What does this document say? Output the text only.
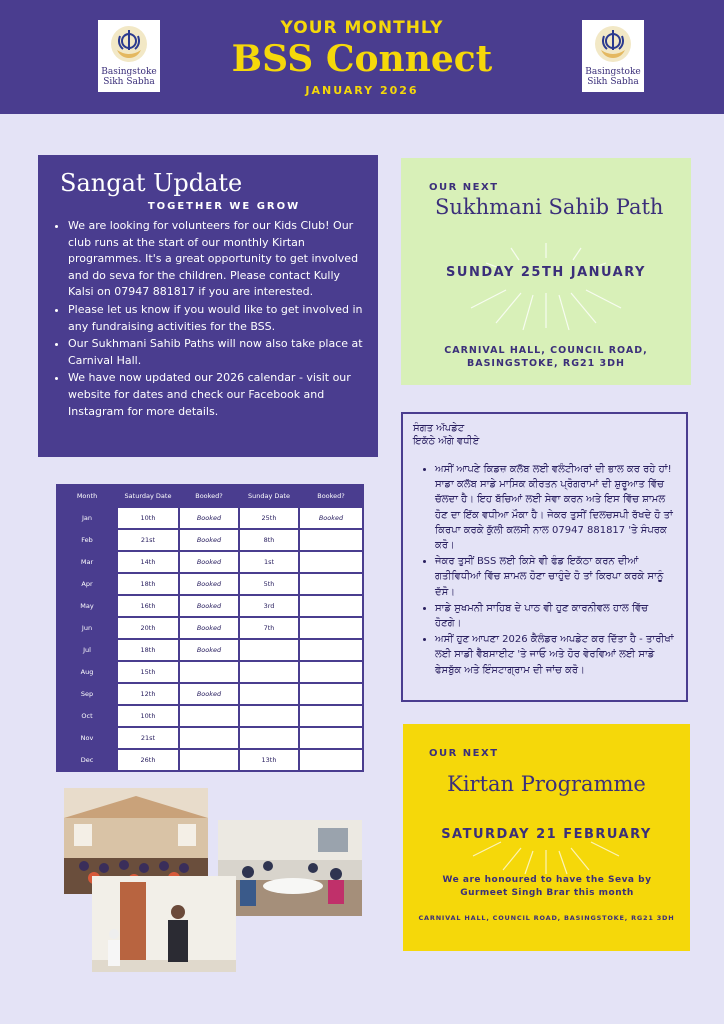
Basingstoke Sikh Sabha
YOUR MONTHLY
BSS Connect
JANUARY 2026
Basingstoke Sikh Sabha
Sangat Update
TOGETHER WE GROW
• We are looking for volunteers for our Kids Club! Our club runs at the start of our monthly Kirtan programmes. It's a great opportunity to get involved and do seva for the children. Please contact Kully Kalsi on 07947 881817 if you are interested.
• Please let us know if you would like to get involved in any fundraising activities for the BSS.
• Our Sukhmani Sahib Paths will now also take place at Carnival Hall.
• We have now updated our 2026 calendar - visit our website for dates and check our Facebook and Instagram for more details.
OUR NEXT
Sukhmani Sahib Path
SUNDAY 25TH JANUARY
CARNIVAL HALL, COUNCIL ROAD,
BASINGSTOKE, RG21 3DH
ਸੰਗਤ ਅੱਪਡੇਟ
ਇਕੱਠੇ ਅੱਗੇ ਵਧੀਏ
• ਅਸੀਂ ਆਪਣੇ ਕਿਡਜ਼ ਕਲੱਬ ਲਈ ਵਲੰਟੀਅਰਾਂ ਦੀ ਭਾਲ ਕਰ ਰਹੇ ਹਾਂ! ਸਾਡਾ ਕਲੱਬ ਸਾਡੇ ਮਾਸਿਕ ਕੀਰਤਨ ਪ੍ਰੋਗਰਾਮਾਂ ਦੀ ਸ਼ੁਰੂਆਤ ਵਿੱਚ ਚੱਲਦਾ ਹੈ। ਇਹ ਬੱਚਿਆਂ ਲਈ ਸੇਵਾ ਕਰਨ ਅਤੇ ਇਸ ਵਿੱਚ ਸ਼ਾਮਲ ਹੋਣ ਦਾ ਇੱਕ ਵਧੀਆ ਮੌਕਾ ਹੈ। ਜੇਕਰ ਤੁਸੀਂ ਦਿਲਚਸਪੀ ਰੱਖਦੇ ਹੋ ਤਾਂ ਕਿਰਪਾ ਕਰਕੇ ਕੁੱਲੀ ਕਲਸੀ ਨਾਲ 07947 881817 'ਤੇ ਸੰਪਰਕ ਕਰੋ।
• ਜੇਕਰ ਤੁਸੀਂ BSS ਲਈ ਕਿਸੇ ਵੀ ਫੰਡ ਇਕੱਠਾ ਕਰਨ ਦੀਆਂ ਗਤੀਵਿਧੀਆਂ ਵਿੱਚ ਸ਼ਾਮਲ ਹੋਣਾ ਚਾਹੁੰਦੇ ਹੋ ਤਾਂ ਕਿਰਪਾ ਕਰਕੇ ਸਾਨੂੰ ਦੱਸੋ।
• ਸਾਡੇ ਸੁਖਮਨੀ ਸਾਹਿਬ ਦੇ ਪਾਠ ਵੀ ਹੁਣ ਕਾਰਨੀਵਲ ਹਾਲ ਵਿੱਚ ਹੋਣਗੇ।
• ਅਸੀਂ ਹੁਣ ਆਪਣਾ 2026 ਕੈਲੰਡਰ ਅਪਡੇਟ ਕਰ ਦਿੱਤਾ ਹੈ - ਤਾਰੀਖਾਂ ਲਈ ਸਾਡੀ ਵੈੱਬਸਾਈਟ 'ਤੇ ਜਾਓ ਅਤੇ ਹੋਰ ਵੇਰਵਿਆਂ ਲਈ ਸਾਡੇ ਫੇਸਬੁੱਕ ਅਤੇ ਇੰਸਟਾਗ੍ਰਾਮ ਦੀ ਜਾਂਚ ਕਰੋ।
Month	Saturday Date	Booked?	Sunday Date	Booked?
Jan	10th	Booked	25th	Booked
Feb	21st	Booked	8th	
Mar	14th	Booked	1st	
Apr	18th	Booked	5th	
May	16th	Booked	3rd	
Jun	20th	Booked	7th	
Jul	18th	Booked		
Aug	15th			
Sep	12th	Booked		
Oct	10th			
Nov	21st			
Dec	26th		13th	
OUR NEXT
Kirtan Programme
SATURDAY 21 FEBRUARY
We are honoured to have the Seva by Gurmeet Singh Brar this month
CARNIVAL HALL, COUNCIL ROAD, BASINGSTOKE, RG21 3DH
